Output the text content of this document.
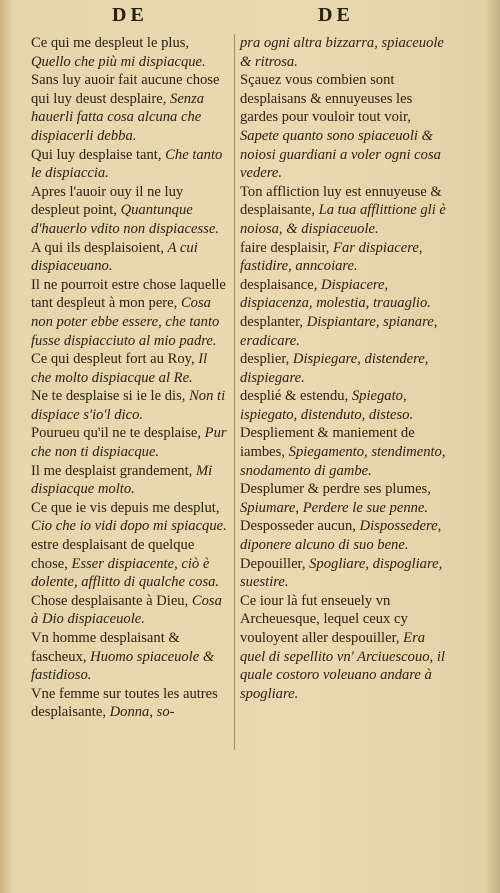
DE	DE

Ce qui me despleut le plus, Quello che più mi dispiacque.

Sans luy auoir fait aucune chose qui luy deust desplaire, Senza hauerli fatta cosa alcuna che dispiacerli debba.

Qui luy desplaise tant, Che tanto le dispiaccia.

Apres l'auoir ouy il ne luy despleut point, Quantunque d'hauerlo vdito non dispiacesse.

A qui ils desplaisoient, A cui dispiaceuano.

Il ne pourroit estre chose laquelle tant despleut à mon pere, Cosa non poter ebbe essere, che tanto fusse dispiacciuto al mio padre.

Ce qui despleut fort au Roy, Il che molto dispiacque al Re.

Ne te desplaise si ie le dis, Non ti dispiace s'io'l dico.

Pourueu qu'il ne te desplaise, Pur che non ti dispiacque.

Il me desplaist grandement, Mi dispiacque molto.

Ce que ie vis depuis me desplut, Cio che io vidi dopo mi spiacque.

estre desplaisant de quelque chose, Esser dispiacente, ciò è dolente, afflitto di qualche cosa.

Chose desplaisante à Dieu, Cosa à Dio dispiaceuole.

Vn homme desplaisant & fascheux, Huomo spiaceuole & fastidioso.

Vne femme sur toutes les autres desplaisante, Donna, so-

pra ogni altra bizzarra, spiaceuole & ritrosa.

Sçauez vous combien sont desplaisans & ennuyeuses les gardes pour vouloir tout voir, Sapete quanto sono spiaceuoli & noiosi guardiani a voler ogni cosa vedere.

Ton affliction luy est ennuyeuse & desplaisante, La tua afflittione gli è noiosa, & dispiaceuole.

faire desplaisir, Far dispiacere, fastidire, anncoiare.

desplaisance, Dispiacere, dispiacenza, molestia, trauaglio.

desplanter, Dispiantare, spianare, eradicare.

desplier, Dispiegare, distendere, dispiegare.

desplié & estendu, Spiegato, ispiegato, distenduto, disteso.

Despliement & maniement de iambes, Spiegamento, stendimento, snodamento di gambe.

Desplumer & perdre ses plumes, Spiumare, Perdere le sue penne.

Desposseder aucun, Dispossedere, diponere alcuno di suo bene.

Depouiller, Spogliare, dispogliare, suestire.

Ce iour là fut enseuely vn Archeuesque, lequel ceux cy vouloyent aller despouiller, Era quel di sepellito vn' Arciuescouo, il quale costoro voleuano andare à spogliare.
